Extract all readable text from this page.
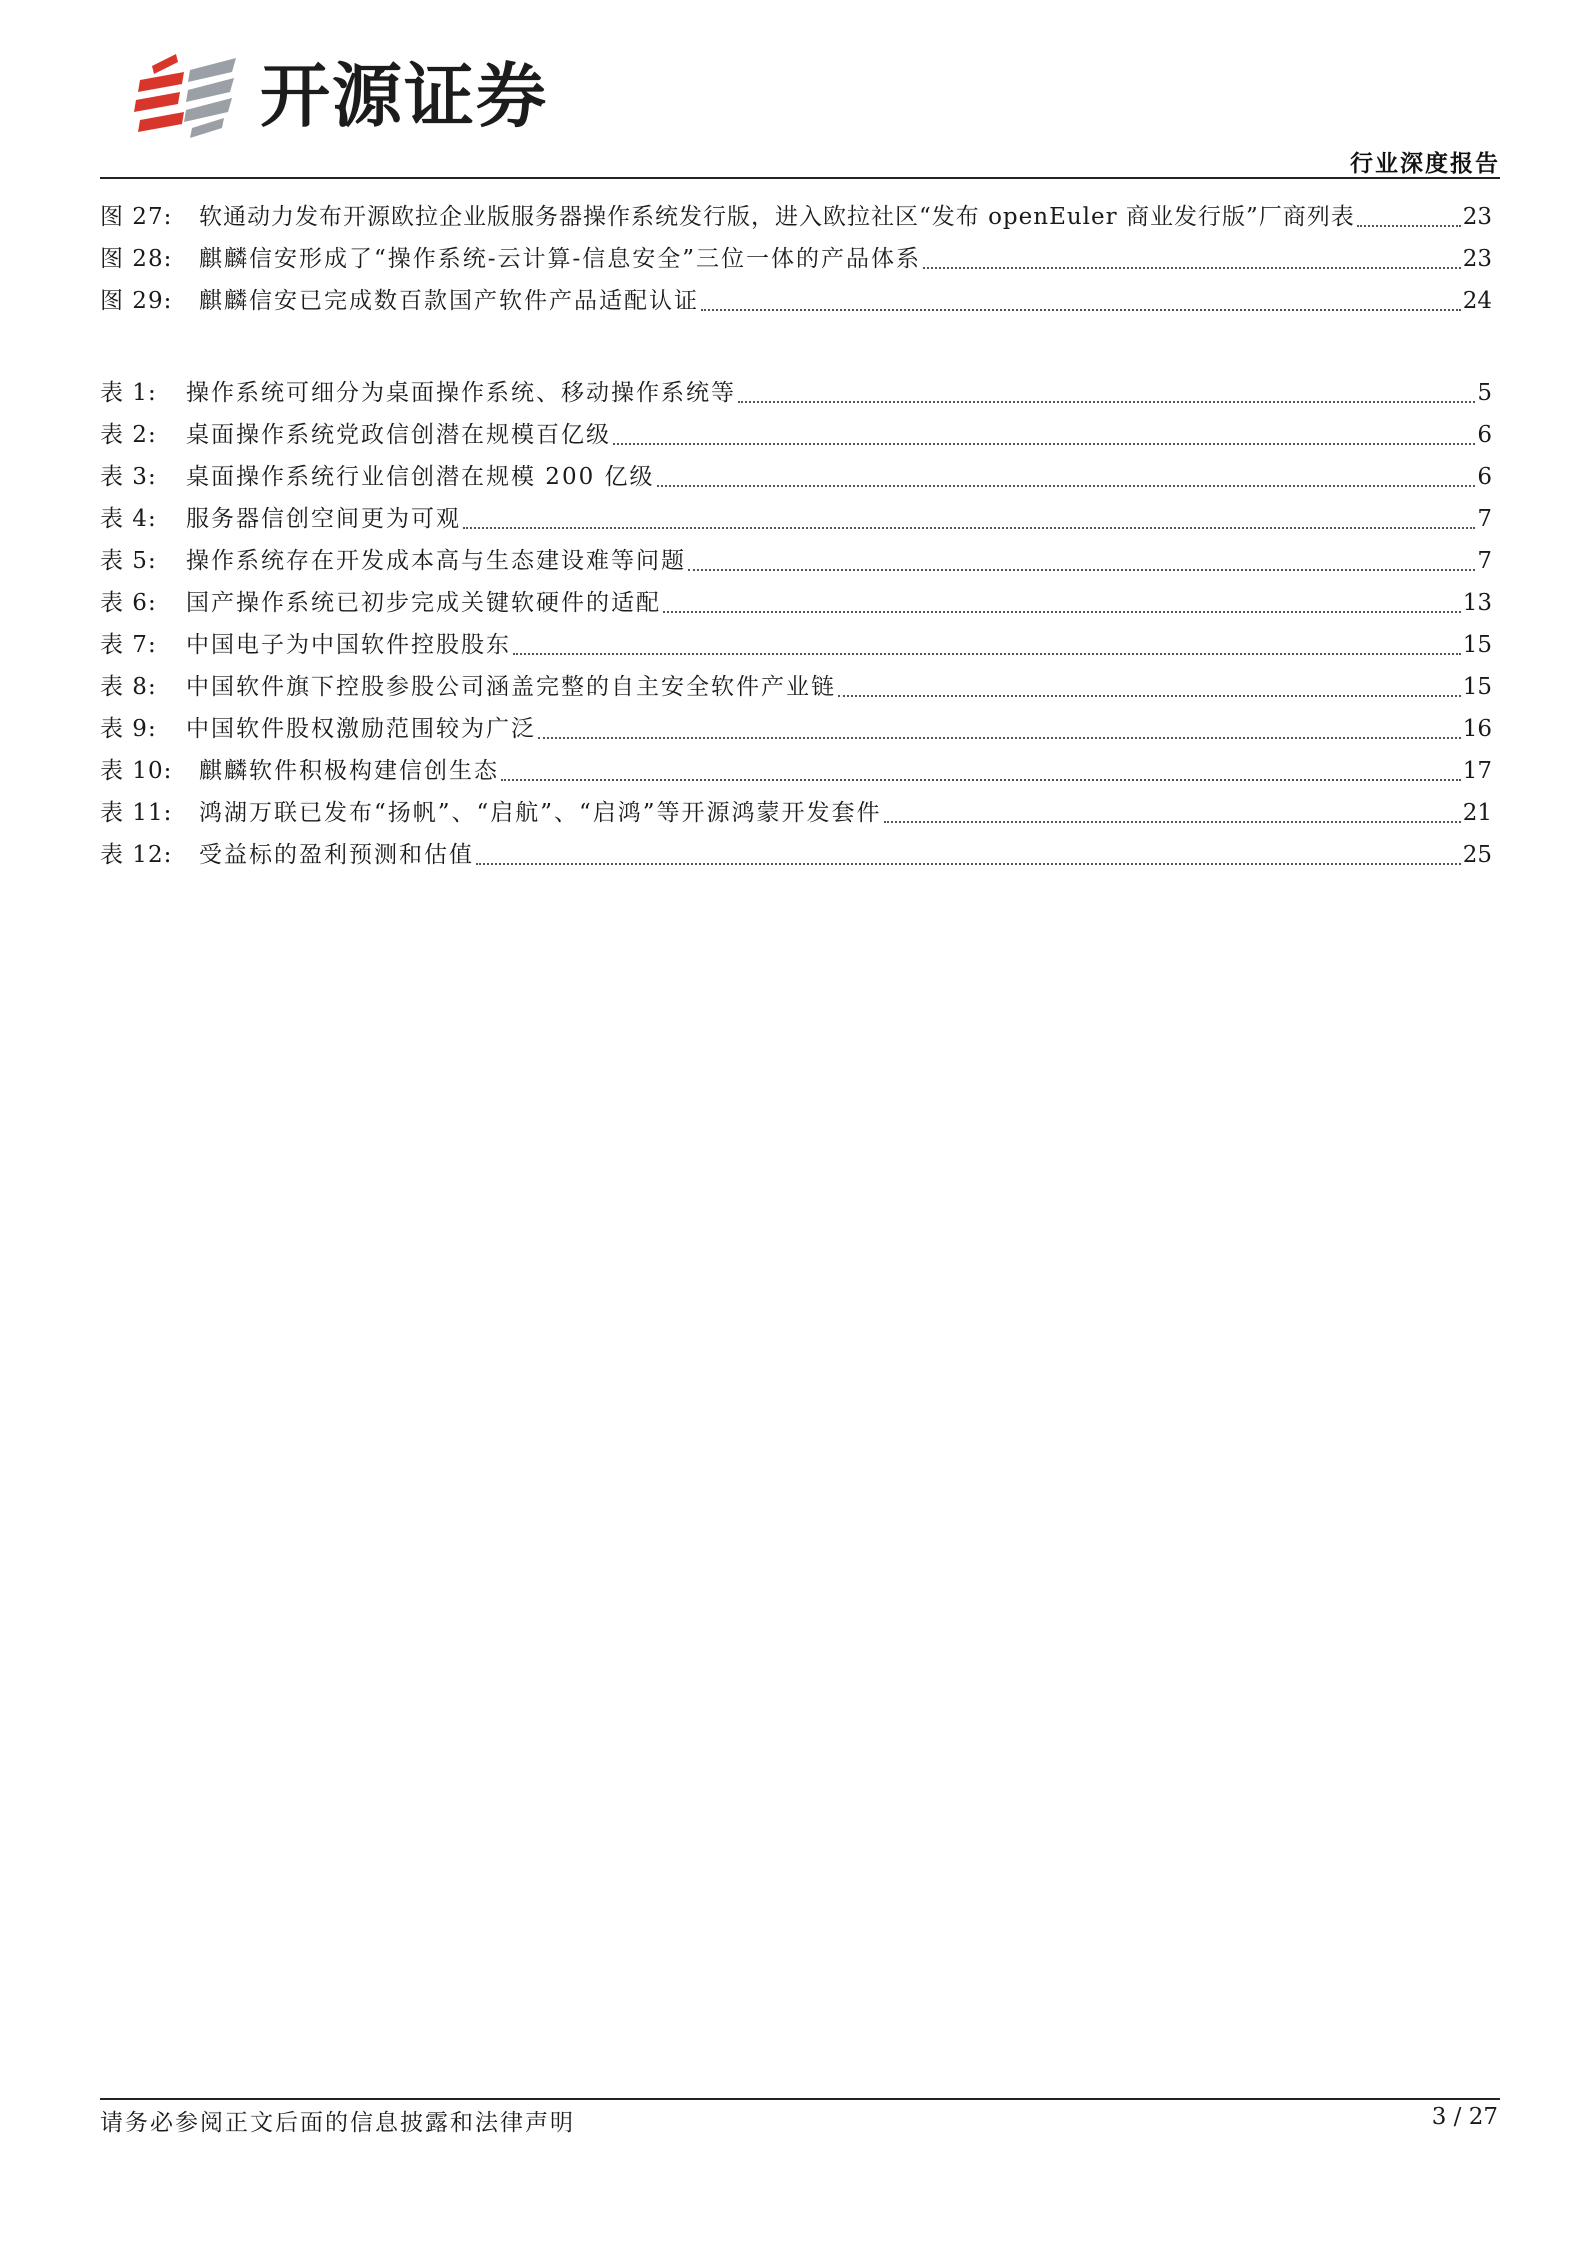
开源证券
行业深度报告
图 27:	软通动力发布开源欧拉企业版服务器操作系统发行版，进入欧拉社区“发布 openEuler 商业发行版”厂商列表	23
图 28:	麒麟信安形成了“操作系统-云计算-信息安全”三位一体的产品体系	23
图 29:	麒麟信安已完成数百款国产软件产品适配认证	24
表 1:	操作系统可细分为桌面操作系统、移动操作系统等	5
表 2:	桌面操作系统党政信创潜在规模百亿级	6
表 3:	桌面操作系统行业信创潜在规模 200 亿级	6
表 4:	服务器信创空间更为可观	7
表 5:	操作系统存在开发成本高与生态建设难等问题	7
表 6:	国产操作系统已初步完成关键软硬件的适配	13
表 7:	中国电子为中国软件控股股东	15
表 8:	中国软件旗下控股参股公司涵盖完整的自主安全软件产业链	15
表 9:	中国软件股权激励范围较为广泛	16
表 10:	麒麟软件积极构建信创生态	17
表 11:	鸿湖万联已发布“扬帆”、“启航”、“启鸿”等开源鸿蒙开发套件	21
表 12:	受益标的盈利预测和估值	25
请务必参阅正文后面的信息披露和法律声明	3 / 27
